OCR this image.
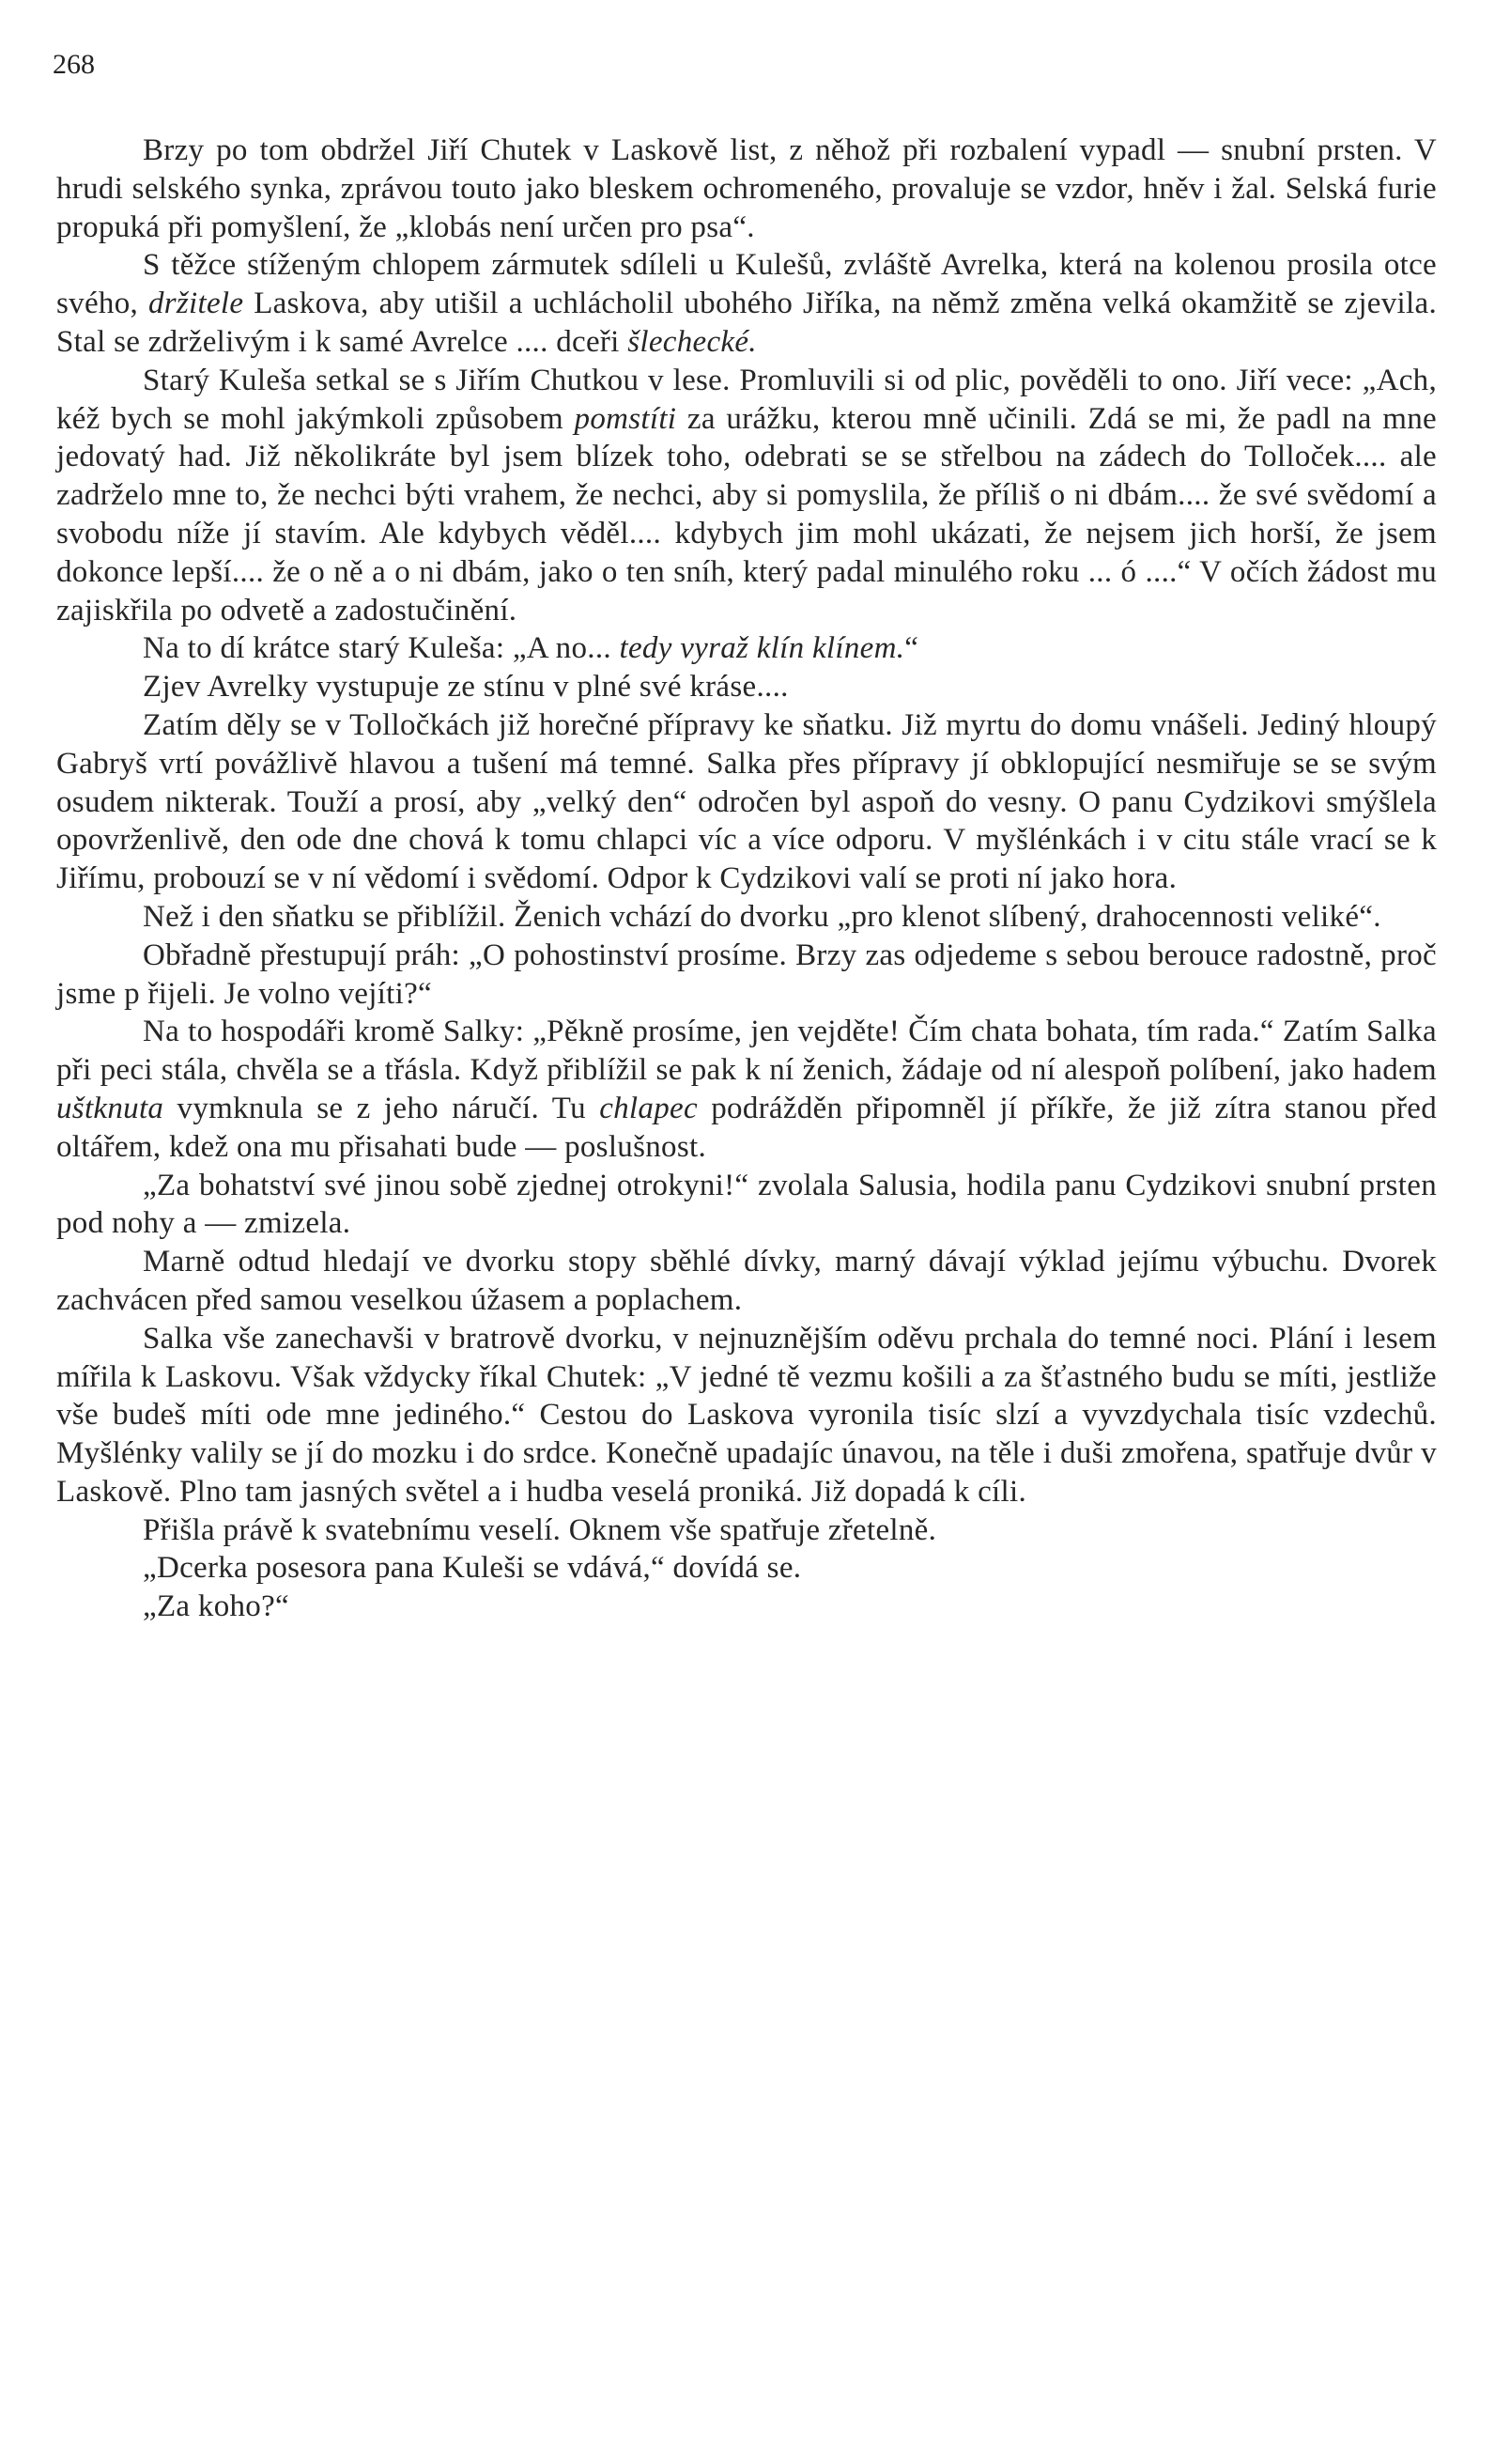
268

Brzy po tom obdržel Jiří Chutek v Laskově list, z něhož při rozbalení vypadl — snubní prsten. V hrudi selského synka, zprávou touto jako bleskem ochromeného, provaluje se vzdor, hněv i žal. Selská furie propuká při pomyšlení, že „klobás není určen pro psa“.

S těžce stíženým chlopem zármutek sdíleli u Kulešů, zvláště Avrelka, která na kolenou prosila otce svého, držitele Laskova, aby utišil a uchlácholil ubohého Jiříka, na němž změna velká okamžitě se zjevila. Stal se zdrželivým i k samé Avrelce .... dceři šlechecké.

Starý Kuleša setkal se s Jiřím Chutkou v lese. Promluvili si od plic, pověděli to ono. Jiří vece: „Ach, kéž bych se mohl jakýmkoli způsobem pomstíti za urážku, kterou mně učinili. Zdá se mi, že padl na mne jedovatý had. Již několikráte byl jsem blízek toho, odebrati se se střelbou na zádech do Tolloček.... ale zadrželo mne to, že nechci býti vrahem, že nechci, aby si pomyslila, že příliš o ni dbám.... že své svědomí a svobodu níže jí stavím. Ale kdybych věděl.... kdybych jim mohl ukázati, že nejsem jich horší, že jsem dokonce lepší.... že o ně a o ni dbám, jako o ten sníh, který padal minulého roku ... ó ....“ V očích žádost mu zajiskřila po odvetě a zadostučinění.

Na to dí krátce starý Kuleša: „A no... tedy vyraž klín klínem.“

Zjev Avrelky vystupuje ze stínu v plné své kráse....

Zatím děly se v Tolločkách již horečné přípravy ke sňatku. Již myrtu do domu vnášeli. Jediný hloupý Gabryš vrtí povážlivě hlavou a tušení má temné. Salka přes přípravy jí obklopující nesmiřuje se se svým osudem nikterak. Touží a prosí, aby „velký den“ odročen byl aspoň do vesny. O panu Cydzikovi smýšlela opovrženlivě, den ode dne chová k tomu chlapci víc a více odporu. V myšlénkách i v citu stále vrací se k Jiřímu, probouzí se v ní vědomí i svědomí. Odpor k Cydzikovi valí se proti ní jako hora.

Než i den sňatku se přiblížil. Ženich vchází do dvorku „pro klenot slíbený, drahocennosti veliké“.

Obřadně přestupují práh: „O pohostinství prosíme. Brzy zas odjedeme s sebou berouce radostně, proč jsme p řijeli. Je volno vejíti?“

Na to hospodáři kromě Salky: „Pěkně prosíme, jen vejděte! Čím chata bohata, tím rada.“ Zatím Salka při peci stála, chvěla se a třásla. Když přiblížil se pak k ní ženich, žádaje od ní alespoň políbení, jako hadem uštknuta vymknula se z jeho náručí. Tu chlapec podrážděn připomněl jí příkře, že již zítra stanou před oltářem, kdež ona mu přisahati bude — poslušnost.

„Za bohatství své jinou sobě zjednej otrokyni!“ zvolala Salusia, hodila panu Cydzikovi snubní prsten pod nohy a — zmizela.

Marně odtud hledají ve dvorku stopy sběhlé dívky, marný dávají výklad jejímu výbuchu. Dvorek zachvácen před samou veselkou úžasem a poplachem.

Salka vše zanechavši v bratrově dvorku, v nejnuznějším oděvu prchala do temné noci. Plání i lesem mířila k Laskovu. Však vždycky říkal Chutek: „V jedné tě vezmu košili a za šťastného budu se míti, jestliže vše budeš míti ode mne jediného.“ Cestou do Laskova vyronila tisíc slzí a vyvzdychala tisíc vzdechů. Myšlénky valily se jí do mozku i do srdce. Konečně upadajíc únavou, na těle i duši zmořena, spatřuje dvůr v Laskově. Plno tam jasných světel a i hudba veselá proniká. Již dopadá k cíli.

Přišla právě k svatebnímu veselí. Oknem vše spatřuje zřetelně.

„Dcerka posesora pana Kuleši se vdává,“ dovídá se.

„Za koho?“
